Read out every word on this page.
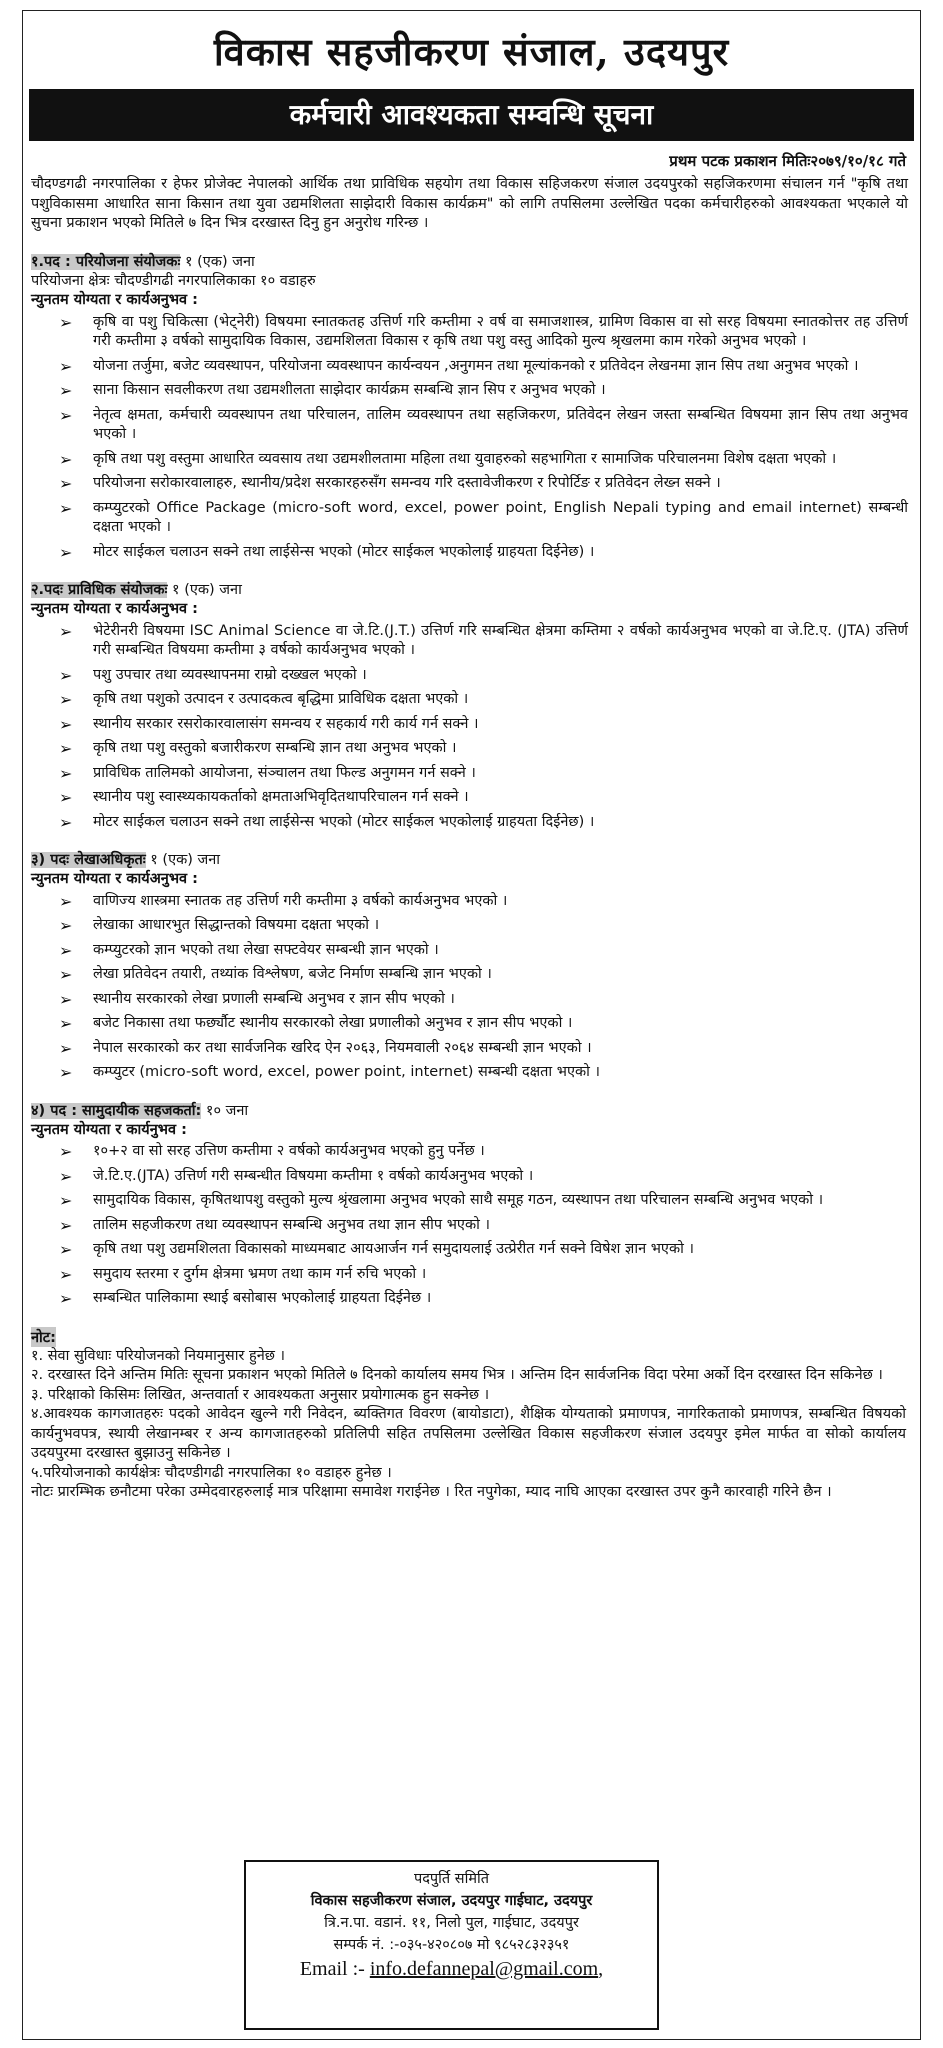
विकास सहजीकरण संजाल, उदयपुर
कर्मचारी आवश्यकता सम्वन्धि सूचना
प्रथम पटक प्रकाशन मितिः२०७९/१०/१८ गते
चौदण्डगढी नगरपालिका र हेफर प्रोजेक्ट नेपालको आर्थिक तथा प्राविधिक सहयोग तथा विकास सहिजकरण संजाल उदयपुरको सहजिकरणमा संचालन गर्न "कृषि तथा पशुविकासमा आधारित साना किसान तथा युवा उद्यमशिलता साझेदारी विकास कार्यक्रम" को लागि तपसिलमा उल्लेखित पदका कर्मचारीहरुको आवश्यकता भएकाले यो सुचना प्रकाशन भएको मितिले ७ दिन भित्र दरखास्त दिनु हुन अनुरोध गरिन्छ ।
१.पद : परियोजना संयोजकः १ (एक) जना
परियोजना क्षेत्रः चौदण्डीगढी नगरपालिकाका १० वडाहरु
न्युनतम योग्यता र कार्यअनुभव :
➢ कृषि वा पशु चिकित्सा (भेट्नेरी) विषयमा स्नातकतह उत्तिर्ण गरि कम्तीमा २ वर्ष वा समाजशास्त्र, ग्रामिण विकास वा सो सरह विषयमा स्नातकोत्तर तह उत्तिर्ण गरी कम्तीमा ३ वर्षको सामुदायिक विकास, उद्यमशिलता विकास र कृषि तथा पशु वस्तु आदिको मुल्य श्रृखलमा काम गरेको अनुभव भएको ।
➢ योजना तर्जुमा, बजेट व्यवस्थापन, परियोजना व्यवस्थापन कार्यन्वयन ,अनुगमन तथा मूल्यांकनको र प्रतिवेदन लेखनमा ज्ञान सिप तथा अनुभव भएको ।
➢ साना किसान सवलीकरण तथा उद्यमशीलता साझेदार कार्यक्रम सम्बन्धि ज्ञान सिप र अनुभव भएको ।
➢ नेतृत्व क्षमता, कर्मचारी व्यवस्थापन तथा परिचालन, तालिम व्यवस्थापन तथा सहजिकरण, प्रतिवेदन लेखन जस्ता सम्बन्धित विषयमा ज्ञान सिप तथा अनुभव भएको ।
➢ कृषि तथा पशु वस्तुमा आधारित व्यवसाय तथा उद्यमशीलतामा महिला तथा युवाहरुको सहभागिता र सामाजिक परिचालनमा विशेष दक्षता भएको ।
➢ परियोजना सरोकारवालाहरु, स्थानीय/प्रदेश सरकारहरुसँग समन्वय गरि दस्तावेजीकरण र रिपोर्टिङ र प्रतिवेदन लेख्न सक्ने ।
➢ कम्प्युटरको Office Package (micro-soft word, excel, power point, English Nepali typing and email internet) सम्बन्धी दक्षता भएको ।
➢ मोटर साईकल चलाउन सक्ने तथा लाईसेन्स भएको (मोटर साईकल भएकोलाई ग्राहयता दिईनेछ) ।
२.पदः प्राविधिक संयोजकः १ (एक) जना
न्युनतम योग्यता र कार्यअनुभव :
➢ भेटेरीनरी विषयमा ISC Animal Science वा जे.टि.(J.T.) उत्तिर्ण गरि सम्बन्धित क्षेत्रमा कम्तिमा २ वर्षको कार्यअनुभव भएको वा जे.टि.ए. (JTA) उत्तिर्ण गरी सम्बन्धित विषयमा कम्तीमा ३ वर्षको कार्यअनुभव भएको ।
➢ पशु उपचार तथा व्यवस्थापनमा राम्रो दख्खल भएको ।
➢ कृषि तथा पशुको उत्पादन र उत्पादकत्व बृद्धिमा प्राविधिक दक्षता भएको ।
➢ स्थानीय सरकार रसरोकारवालासंग समन्वय र सहकार्य गरी कार्य गर्न सक्ने ।
➢ कृषि तथा पशु वस्तुको बजारीकरण सम्बन्धि ज्ञान तथा अनुभव भएको ।
➢ प्राविधिक तालिमको आयोजना, संञ्चालन तथा फिल्ड अनुगमन गर्न सक्ने ।
➢ स्थानीय पशु स्वास्थ्यकायकर्ताको क्षमताअभिवृदितथापरिचालन गर्न सक्ने ।
➢ मोटर साईकल चलाउन सक्ने तथा लाईसेन्स भएको (मोटर साईकल भएकोलाई ग्राहयता दिईनेछ) ।
३) पदः लेखाअधिकृतः १ (एक) जना
न्युनतम योग्यता र कार्यअनुभव :
➢ वाणिज्य शास्त्रमा स्नातक तह उत्तिर्ण गरी कम्तीमा ३ वर्षको कार्यअनुभव भएको ।
➢ लेखाका आधारभुत सिद्धान्तको विषयमा दक्षता भएको ।
➢ कम्प्युटरको ज्ञान भएको तथा लेखा सफ्टवेयर सम्बन्धी ज्ञान भएको ।
➢ लेखा प्रतिवेदन तयारी, तथ्यांक विश्लेषण, बजेट निर्माण सम्बन्धि ज्ञान भएको ।
➢ स्थानीय सरकारको लेखा प्रणाली सम्बन्धि अनुभव र ज्ञान सीप भएको ।
➢ बजेट निकासा तथा फर्छ्यौट स्थानीय सरकारको लेखा प्रणालीको अनुभव र ज्ञान सीप भएको ।
➢ नेपाल सरकारको कर तथा सार्वजनिक खरिद ऐन २०६३, नियमवाली २०६४ सम्बन्धी ज्ञान भएको ।
➢ कम्प्युटर (micro-soft word, excel, power point, internet) सम्बन्धी दक्षता भएको ।
४) पद : सामुदायीक सहजकर्ता: १० जना
न्युनतम योग्यता र कार्यनुभव :
➢ १०+२ वा सो सरह उत्तिण कम्तीमा २ वर्षको कार्यअनुभव भएको हुनु पर्नेछ ।
➢ जे.टि.ए.(JTA) उत्तिर्ण गरी सम्बन्धीत विषयमा कम्तीमा १ वर्षको कार्यअनुभव भएको ।
➢ सामुदायिक विकास, कृषितथापशु वस्तुको मुल्य श्रृंखलामा अनुभव भएको साथै समूह गठन, व्यस्थापन तथा परिचालन सम्बन्धि अनुभव भएको ।
➢ तालिम सहजीकरण तथा व्यवस्थापन सम्बन्धि अनुभव तथा ज्ञान सीप भएको ।
➢ कृषि तथा पशु उद्यमशिलता विकासको माध्यमबाट आयआर्जन गर्न समुदायलाई उत्प्रेरीत गर्न सक्ने विषेश ज्ञान भएको ।
➢ समुदाय स्तरमा र दुर्गम क्षेत्रमा भ्रमण तथा काम गर्न रुचि भएको ।
➢ सम्बन्धित पालिकामा स्थाई बसोबास भएकोलाई ग्राहयता दिईनेछ ।
नोट:
१. सेवा सुविधाः परियोजनको नियमानुसार हुनेछ ।
२. दरखास्त दिने अन्तिम मितिः सूचना प्रकाशन भएको मितिले ७ दिनको कार्यालय समय भित्र । अन्तिम दिन सार्वजनिक विदा परेमा अर्को दिन दरखास्त दिन सकिनेछ ।
३. परिक्षाको किसिमः लिखित, अन्तवार्ता र आवश्यकता अनुसार प्रयोगात्मक हुन सक्नेछ ।
४.आवश्यक कागजातहरुः पदको आवेदन खुल्ने गरी निवेदन, ब्यक्तिगत विवरण (बायोडाटा), शैक्षिक योग्यताको प्रमाणपत्र, नागरिकताको प्रमाणपत्र, सम्बन्धित विषयको कार्यनुभवपत्र, स्थायी लेखानम्बर र अन्य कागजातहरुको प्रतिलिपी सहित तपसिलमा उल्लेखित विकास सहजीकरण संजाल उदयपुर इमेल मार्फत वा सोको कार्यालय उदयपुरमा दरखास्त बुझाउनु सकिनेछ ।
५.परियोजनाको कार्यक्षेत्रः चौदण्डीगढी नगरपालिका १० वडाहरु हुनेछ ।
नोटः प्रारम्भिक छनौटमा परेका उम्मेदवारहरुलाई मात्र परिक्षामा समावेश गराईनेछ । रित नपुगेका, म्याद नाघि आएका दरखास्त उपर कुनै कारवाही गरिने छैन ।
पदपुर्ति समिति
विकास सहजीकरण संजाल, उदयपुर गाईघाट, उदयपुर
त्रि.न.पा. वडानं. ११, निलो पुल, गाईघाट, उदयपुर
सम्पर्क नं. :-०३५-४२०८०७ मो ९८५२८३२३५१
Email :- info.defannepal@gmail.com,
